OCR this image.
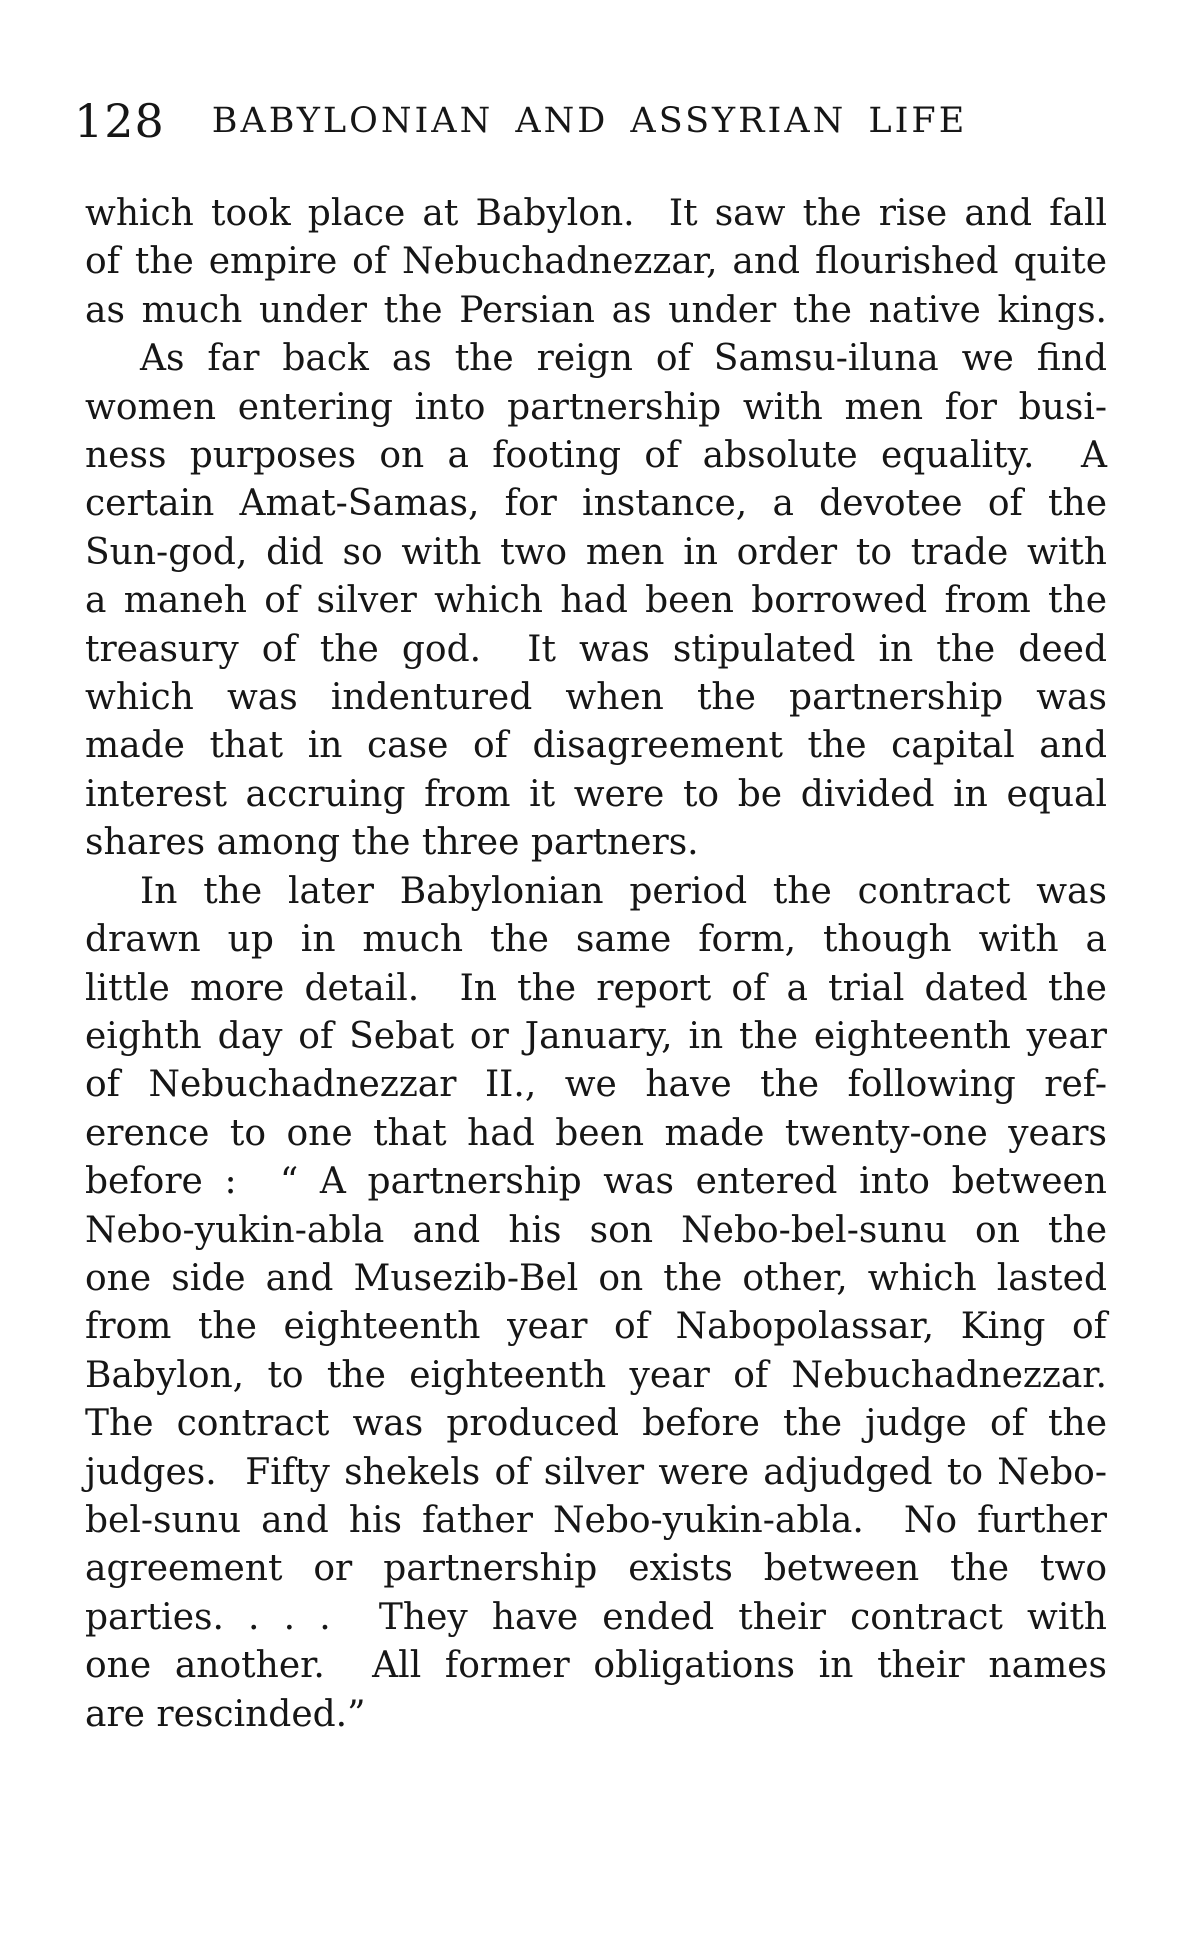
128	BABYLONIAN AND ASSYRIAN LIFE
which took place at Babylon.  It saw the rise and fall
of the empire of Nebuchadnezzar, and flourished quite
as much under the Persian as under the native kings.
As far back as the reign of Samsu-iluna we find
women entering into partnership with men for busi-
ness purposes on a footing of absolute equality.  A
certain Amat-Samas, for instance, a devotee of the
Sun-god, did so with two men in order to trade with
a maneh of silver which had been borrowed from the
treasury of the god.  It was stipulated in the deed
which was indentured when the partnership was
made that in case of disagreement the capital and
interest accruing from it were to be divided in equal
shares among the three partners.
In the later Babylonian period the contract was
drawn up in much the same form, though with a
little more detail.  In the report of a trial dated the
eighth day of Sebat or January, in the eighteenth year
of Nebuchadnezzar II., we have the following ref-
erence to one that had been made twenty-one years
before :  “ A partnership was entered into between
Nebo-yukin-abla and his son Nebo-bel-sunu on the
one side and Musezib-Bel on the other, which lasted
from the eighteenth year of Nabopolassar, King of
Babylon, to the eighteenth year of Nebuchadnezzar.
The contract was produced before the judge of the
judges.  Fifty shekels of silver were adjudged to Nebo-
bel-sunu and his father Nebo-yukin-abla.  No further
agreement or partnership exists between the two
parties. . . .  They have ended their contract with
one another.  All former obligations in their names
are rescinded.”
